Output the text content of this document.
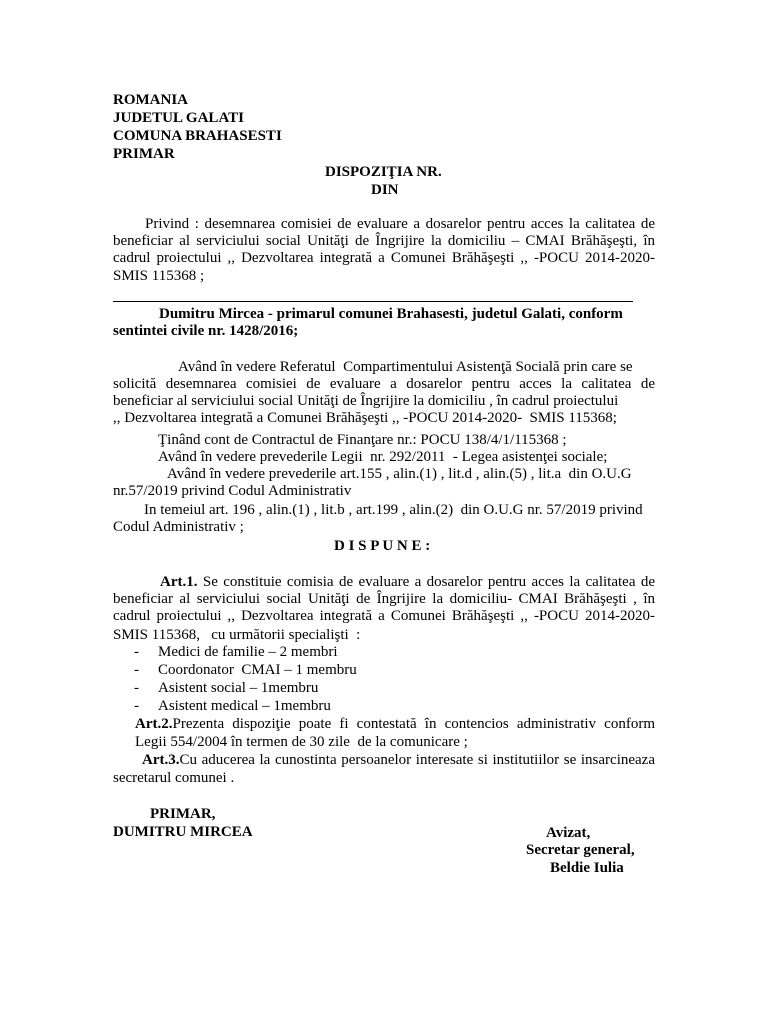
ROMANIA
JUDETUL GALATI
COMUNA BRAHASESTI
PRIMAR
DISPOZIŢIA NR.
DIN
Privind : desemnarea comisiei de evaluare a dosarelor pentru acces la calitatea de
beneficiar al serviciului social Unităţi de Îngrijire la domiciliu – CMAI Brăhăşeşti, în
cadrul proiectului ,, Dezvoltarea integrată a Comunei Brăhăşeşti ,, -POCU 2014-2020-
SMIS 115368 ;
Dumitru Mircea - primarul comunei Brahasesti, judetul Galati, conform
sentintei civile nr. 1428/2016;
Având în vedere Referatul  Compartimentului Asistenţă Socială prin care se
solicită desemnarea comisiei de evaluare a dosarelor pentru acces la calitatea de
beneficiar al serviciului social Unităţi de Îngrijire la domiciliu , în cadrul proiectului
,, Dezvoltarea integrată a Comunei Brăhăşeşti ,, -POCU 2014-2020-  SMIS 115368;
Ţinând cont de Contractul de Finanţare nr.: POCU 138/4/1/115368 ;
Având în vedere prevederile Legii  nr. 292/2011  - Legea asistenţei sociale;
Având în vedere prevederile art.155 , alin.(1) , lit.d , alin.(5) , lit.a  din O.U.G
nr.57/2019 privind Codul Administrativ
In temeiul art. 196 , alin.(1) , lit.b , art.199 , alin.(2)  din O.U.G nr. 57/2019 privind
Codul Administrativ ;
D I S P U N E :
Art.1. Se constituie comisia de evaluare a dosarelor pentru acces la calitatea de
beneficiar al serviciului social Unităţi de Îngrijire la domiciliu- CMAI Brăhăşeşti , în
cadrul proiectului ,, Dezvoltarea integrată a Comunei Brăhăşeşti ,, -POCU 2014-2020-
SMIS 115368,   cu următorii specialişti  :
- Medici de familie – 2 membri
- Coordonator  CMAI – 1 membru
- Asistent social – 1membru
- Asistent medical – 1membru
Art.2.Prezenta dispoziţie poate fi contestată în contencios administrativ conform
Legii 554/2004 în termen de 30 zile  de la comunicare ;
Art.3.Cu aducerea la cunostinta persoanelor interesate si institutiilor se insarcineaza
secretarul comunei .
PRIMAR,
DUMITRU MIRCEA	Avizat,
Secretar general,
Beldie Iulia
